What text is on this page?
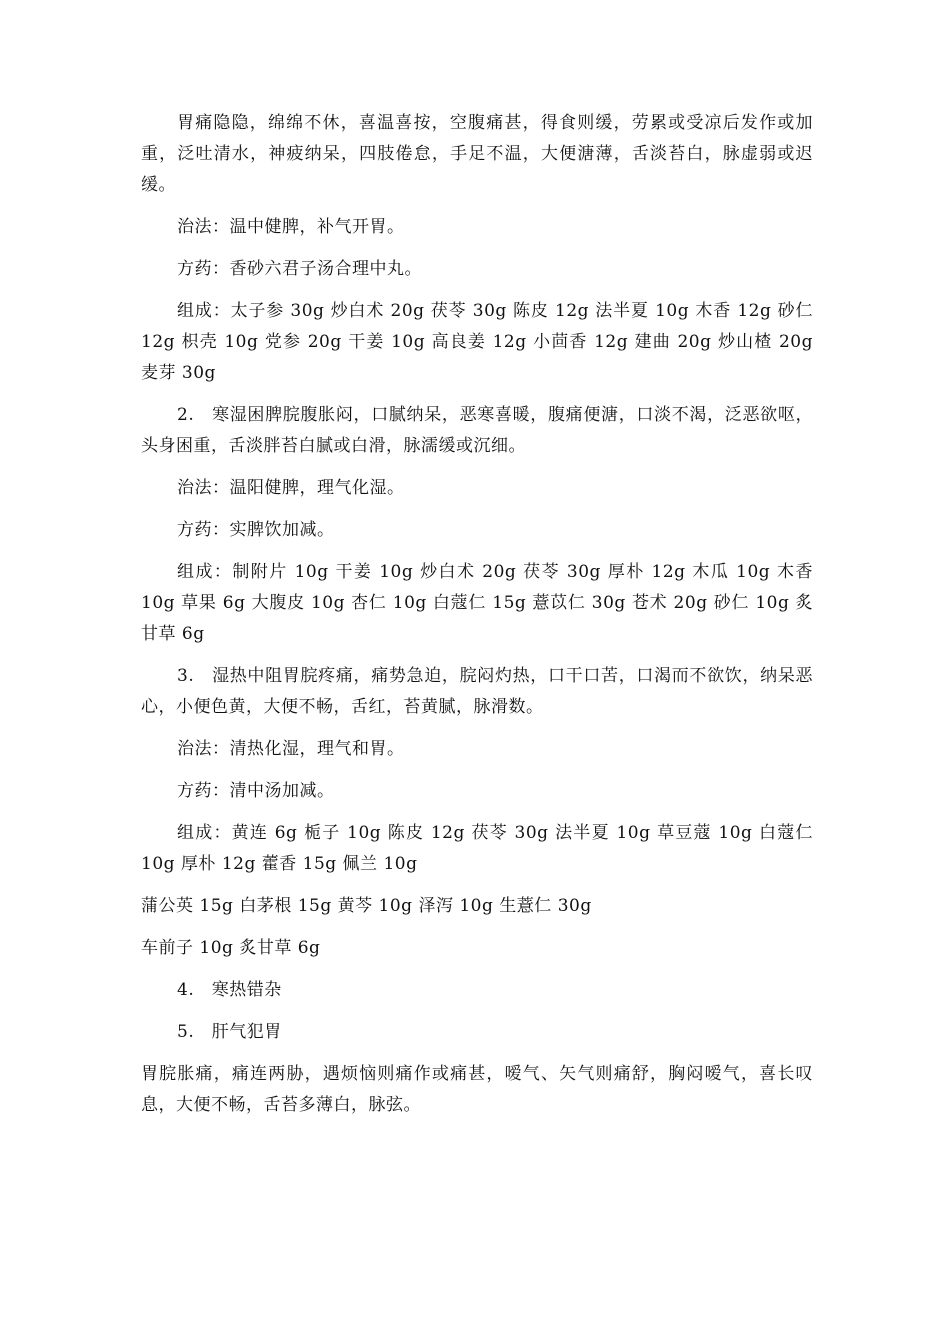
胃痛隐隐，绵绵不休，喜温喜按，空腹痛甚，得食则缓，劳累或受凉后发作或加重，泛吐清水，神疲纳呆，四肢倦怠，手足不温，大便溏薄，舌淡苔白，脉虚弱或迟缓。

治法：温中健脾，补气开胃。

方药：香砂六君子汤合理中丸。

组成：太子参 30g 炒白术 20g 茯苓 30g 陈皮 12g 法半夏 10g 木香 12g 砂仁 12g 枳壳 10g 党参 20g 干姜 10g 高良姜 12g 小茴香 12g 建曲 20g 炒山楂 20g 麦芽 30g

2.　寒湿困脾脘腹胀闷，口腻纳呆，恶寒喜暖，腹痛便溏，口淡不渴，泛恶欲呕，头身困重，舌淡胖苔白腻或白滑，脉濡缓或沉细。

治法：温阳健脾，理气化湿。

方药：实脾饮加减。

组成：制附片 10g 干姜 10g 炒白术 20g 茯苓 30g 厚朴 12g 木瓜 10g 木香 10g 草果 6g 大腹皮 10g 杏仁 10g 白蔻仁 15g 薏苡仁 30g 苍术 20g 砂仁 10g 炙甘草 6g

3.　湿热中阻胃脘疼痛，痛势急迫，脘闷灼热，口干口苦，口渴而不欲饮，纳呆恶心，小便色黄，大便不畅，舌红，苔黄腻，脉滑数。

治法：清热化湿，理气和胃。

方药：清中汤加减。

组成：黄连 6g 栀子 10g 陈皮 12g 茯苓 30g 法半夏 10g 草豆蔻 10g 白蔻仁 10g 厚朴 12g 藿香 15g 佩兰 10g

蒲公英 15g 白茅根 15g 黄芩 10g 泽泻 10g 生薏仁 30g

车前子 10g 炙甘草 6g

4.　寒热错杂

5.　肝气犯胃

胃脘胀痛，痛连两胁，遇烦恼则痛作或痛甚，嗳气、矢气则痛舒，胸闷嗳气，喜长叹息，大便不畅，舌苔多薄白，脉弦。
